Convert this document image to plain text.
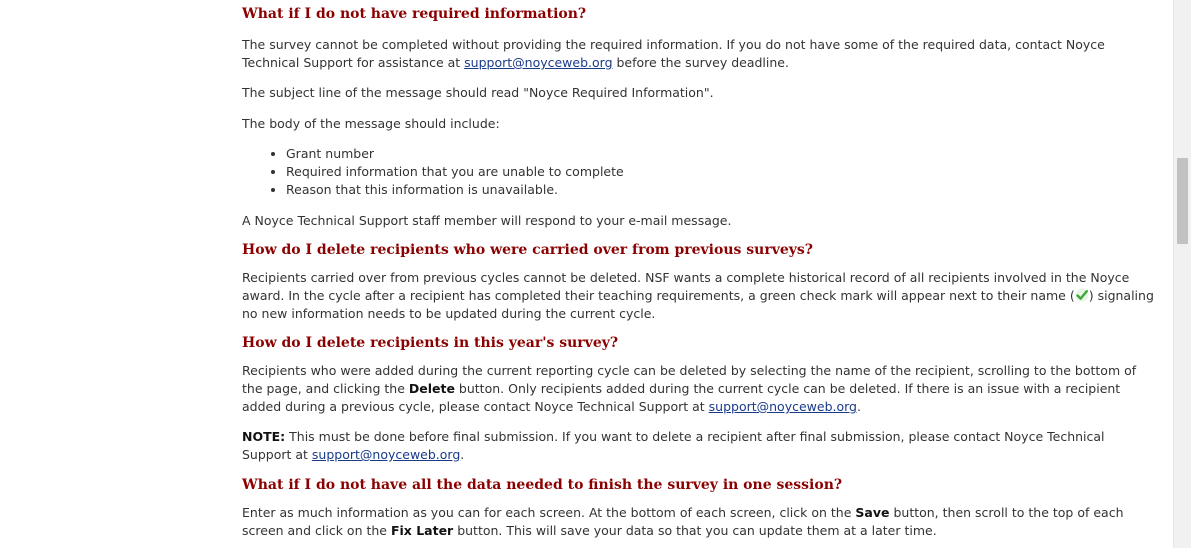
What if I do not have required information?

The survey cannot be completed without providing the required information. If you do not have some of the required data, contact Noyce Technical Support for assistance at support@noyceweb.org before the survey deadline.

The subject line of the message should read "Noyce Required Information".

The body of the message should include:

• Grant number
• Required information that you are unable to complete
• Reason that this information is unavailable.

A Noyce Technical Support staff member will respond to your e-mail message.

How do I delete recipients who were carried over from previous surveys?

Recipients carried over from previous cycles cannot be deleted. NSF wants a complete historical record of all recipients involved in the Noyce award. In the cycle after a recipient has completed their teaching requirements, a green check mark will appear next to their name ( ) signaling no new information needs to be updated during the current cycle.

How do I delete recipients in this year's survey?

Recipients who were added during the current reporting cycle can be deleted by selecting the name of the recipient, scrolling to the bottom of the page, and clicking the Delete button. Only recipients added during the current cycle can be deleted. If there is an issue with a recipient added during a previous cycle, please contact Noyce Technical Support at support@noyceweb.org.

NOTE: This must be done before final submission. If you want to delete a recipient after final submission, please contact Noyce Technical Support at support@noyceweb.org.

What if I do not have all the data needed to finish the survey in one session?

Enter as much information as you can for each screen. At the bottom of each screen, click on the Save button, then scroll to the top of each screen and click on the Fix Later button. This will save your data so that you can update them at a later time.
